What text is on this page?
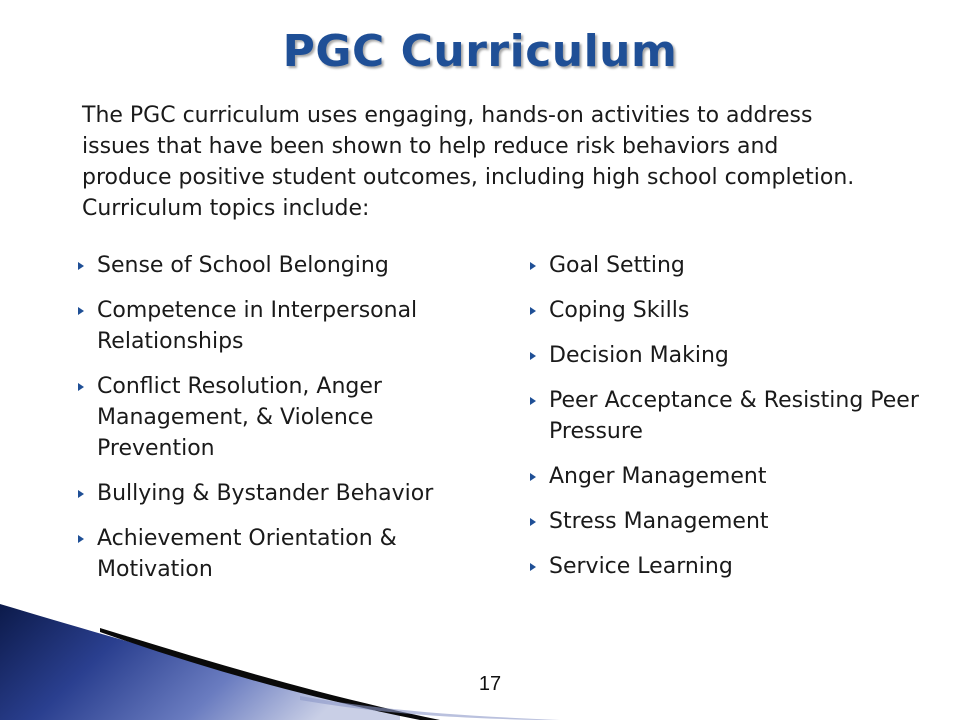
PGC Curriculum
The PGC curriculum uses engaging, hands-on activities to address issues that have been shown to help reduce risk behaviors and produce positive student outcomes, including high school completion. Curriculum topics include:
Sense of School Belonging
Competence in Interpersonal Relationships
Conflict Resolution, Anger Management, & Violence Prevention
Bullying & Bystander Behavior
Achievement Orientation & Motivation
Goal Setting
Coping Skills
Decision Making
Peer Acceptance & Resisting Peer Pressure
Anger Management
Stress Management
Service Learning
17
